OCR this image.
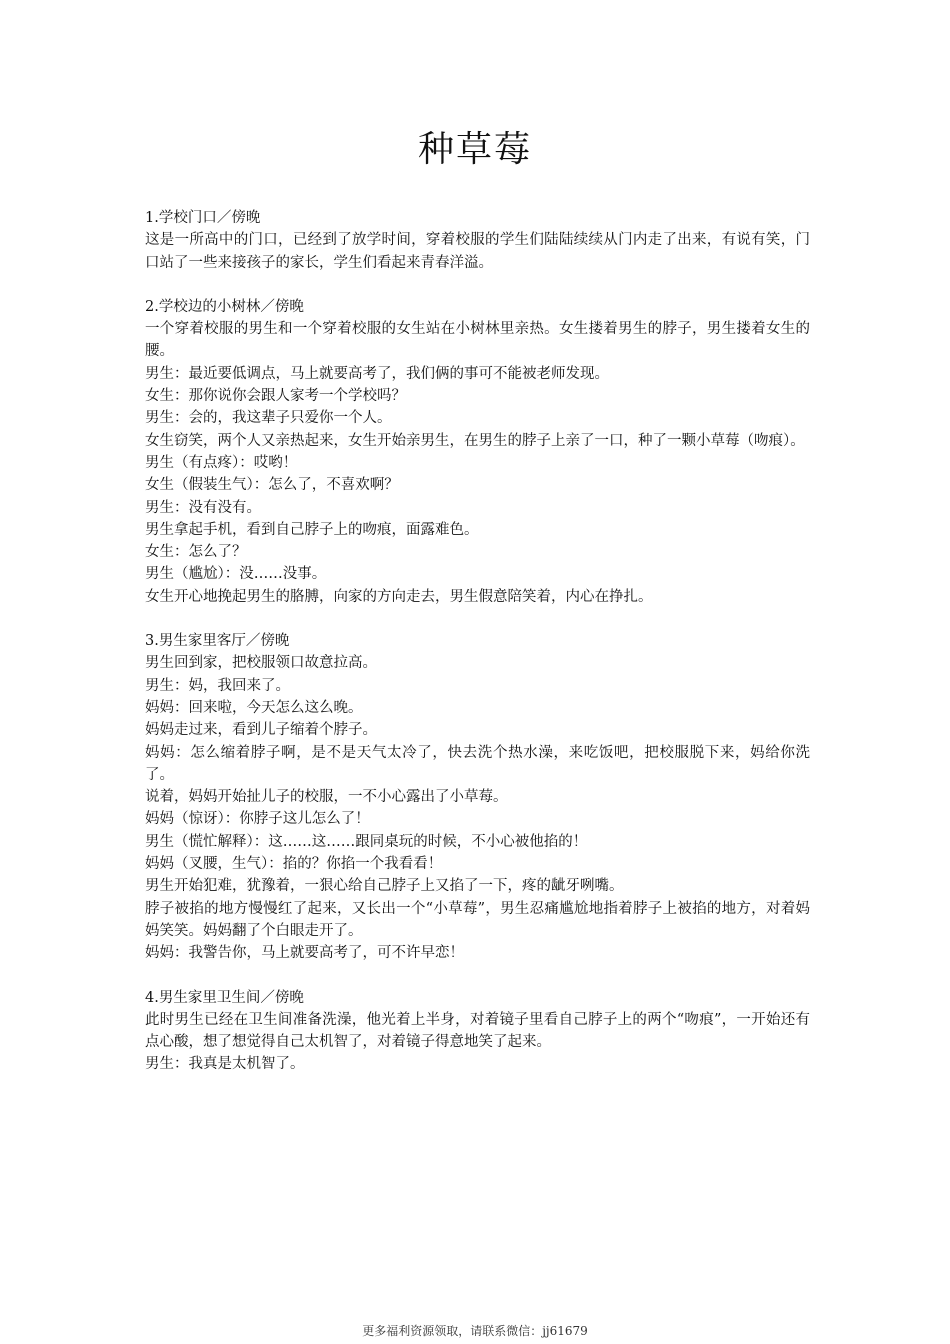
种草莓
1.学校门口／傍晚
这是一所高中的门口，已经到了放学时间，穿着校服的学生们陆陆续续从门内走了出来，有说有笑，门口站了一些来接孩子的家长，学生们看起来青春洋溢。
2.学校边的小树林／傍晚
一个穿着校服的男生和一个穿着校服的女生站在小树林里亲热。女生搂着男生的脖子，男生搂着女生的腰。
男生：最近要低调点，马上就要高考了，我们俩的事可不能被老师发现。
女生：那你说你会跟人家考一个学校吗？
男生：会的，我这辈子只爱你一个人。
女生窃笑，两个人又亲热起来，女生开始亲男生，在男生的脖子上亲了一口，种了一颗小草莓（吻痕）。
男生（有点疼）：哎哟！
女生（假装生气）：怎么了，不喜欢啊？
男生：没有没有。
男生拿起手机，看到自己脖子上的吻痕，面露难色。
女生：怎么了？
男生（尴尬）：没……没事。
女生开心地挽起男生的胳膊，向家的方向走去，男生假意陪笑着，内心在挣扎。
3.男生家里客厅／傍晚
男生回到家，把校服领口故意拉高。
男生：妈，我回来了。
妈妈：回来啦，今天怎么这么晚。
妈妈走过来，看到儿子缩着个脖子。
妈妈：怎么缩着脖子啊，是不是天气太冷了，快去洗个热水澡，来吃饭吧，把校服脱下来，妈给你洗了。
说着，妈妈开始扯儿子的校服，一不小心露出了小草莓。
妈妈（惊讶）：你脖子这儿怎么了！
男生（慌忙解释）：这……这……跟同桌玩的时候，不小心被他掐的！
妈妈（叉腰，生气）：掐的？你掐一个我看看！
男生开始犯难，犹豫着，一狠心给自己脖子上又掐了一下，疼的龇牙咧嘴。
脖子被掐的地方慢慢红了起来，又长出一个“小草莓”，男生忍痛尴尬地指着脖子上被掐的地方，对着妈妈笑笑。妈妈翻了个白眼走开了。
妈妈：我警告你，马上就要高考了，可不许早恋！
4.男生家里卫生间／傍晚
此时男生已经在卫生间准备洗澡，他光着上半身，对着镜子里看自己脖子上的两个“吻痕”，一开始还有点心酸，想了想觉得自己太机智了，对着镜子得意地笑了起来。
男生：我真是太机智了。
更多福利资源领取，请联系微信：jj61679
